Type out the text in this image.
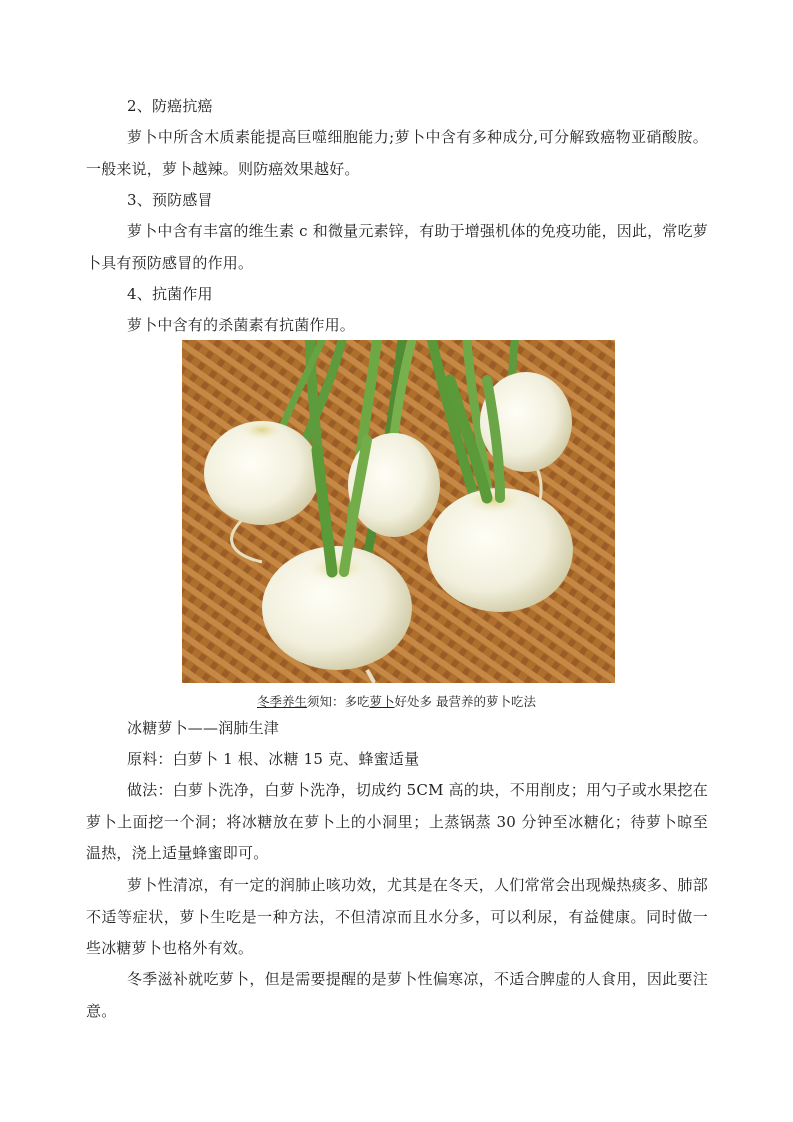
2、防癌抗癌

萝卜中所含木质素能提高巨噬细胞能力;萝卜中含有多种成分,可分解致癌物亚硝酸胺。一般来说，萝卜越辣。则防癌效果越好。

3、预防感冒

萝卜中含有丰富的维生素 c 和微量元素锌，有助于增强机体的免疫功能，因此，常吃萝卜具有预防感冒的作用。

4、抗菌作用

萝卜中含有的杀菌素有抗菌作用。

冬季养生须知：多吃萝卜好处多 最营养的萝卜吃法

冰糖萝卜——润肺生津

原料：白萝卜 1 根、冰糖 15 克、蜂蜜适量

做法：白萝卜洗净，白萝卜洗净，切成约 5CM 高的块，不用削皮；用勺子或水果挖在萝卜上面挖一个洞；将冰糖放在萝卜上的小洞里；上蒸锅蒸 30 分钟至冰糖化；待萝卜晾至温热，浇上适量蜂蜜即可。

萝卜性清凉，有一定的润肺止咳功效，尤其是在冬天，人们常常会出现燥热痰多、肺部不适等症状，萝卜生吃是一种方法，不但清凉而且水分多，可以利尿，有益健康。同时做一些冰糖萝卜也格外有效。

冬季滋补就吃萝卜，但是需要提醒的是萝卜性偏寒凉，不适合脾虚的人食用，因此要注意。
